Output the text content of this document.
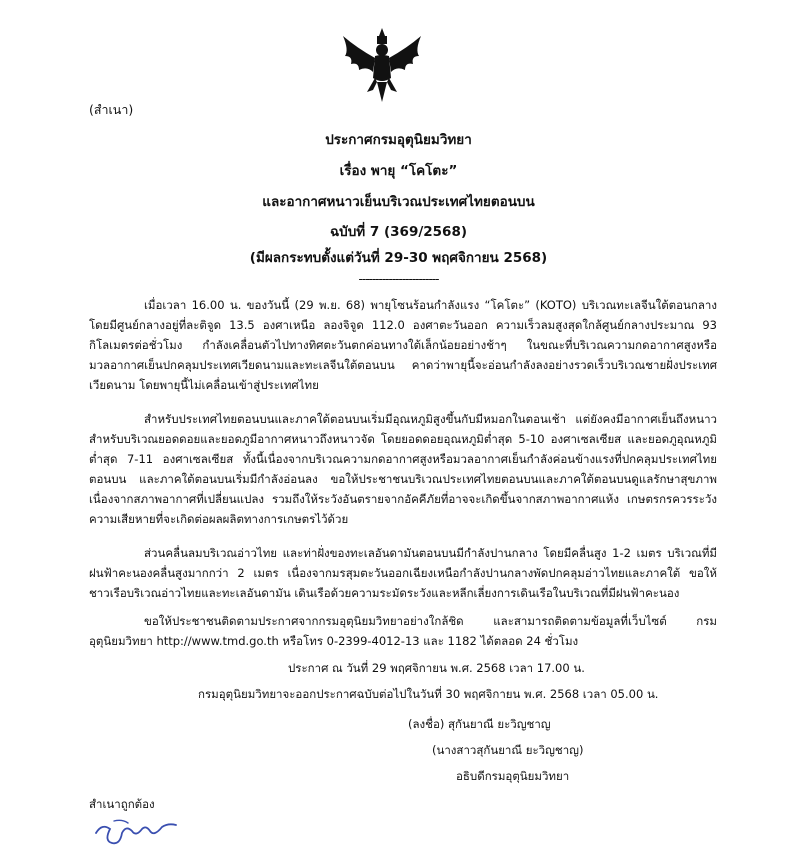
(สำเนา)
ประกาศกรมอุตุนิยมวิทยา
เรื่อง พายุ “โคโตะ”
และอากาศหนาวเย็นบริเวณประเทศไทยตอนบน
ฉบับที่ 7 (369/2568)
(มีผลกระทบตั้งแต่วันที่ 29-30 พฤศจิกายน 2568)
------------------------
เมื่อเวลา 16.00 น. ของวันนี้ (29 พ.ย. 68) พายุโซนร้อนกำลังแรง “โคโตะ” (KOTO) บริเวณทะเลจีนใต้ตอนกลาง โดยมีศูนย์กลางอยู่ที่ละติจูด 13.5 องศาเหนือ ลองจิจูด 112.0 องศาตะวันออก ความเร็วลมสูงสุดใกล้ศูนย์กลางประมาณ 93 กิโลเมตรต่อชั่วโมง กำลังเคลื่อนตัวไปทางทิศตะวันตกค่อนทางใต้เล็กน้อยอย่างช้าๆ ในขณะที่บริเวณความกดอากาศสูงหรือมวลอากาศเย็นปกคลุมประเทศเวียดนามและทะเลจีนใต้ตอนบน คาดว่าพายุนี้จะอ่อนกำลังลงอย่างรวดเร็วบริเวณชายฝั่งประเทศเวียดนาม โดยพายุนี้ไม่เคลื่อนเข้าสู่ประเทศไทย
สำหรับประเทศไทยตอนบนและภาคใต้ตอนบนเริ่มมีอุณหภูมิสูงขึ้นกับมีหมอกในตอนเช้า แต่ยังคงมีอากาศเย็นถึงหนาวสำหรับบริเวณยอดดอยและยอดภูมีอากาศหนาวถึงหนาวจัด โดยยอดดอยอุณหภูมิต่ำสุด 5-10 องศาเซลเซียส และยอดภูอุณหภูมิต่ำสุด 7-11 องศาเซลเซียส ทั้งนี้เนื่องจากบริเวณความกดอากาศสูงหรือมวลอากาศเย็นกำลังค่อนข้างแรงที่ปกคลุมประเทศไทยตอนบน และภาคใต้ตอนบนเริ่มมีกำลังอ่อนลง ขอให้ประชาชนบริเวณประเทศไทยตอนบนและภาคใต้ตอนบนดูแลรักษาสุขภาพเนื่องจากสภาพอากาศที่เปลี่ยนแปลง รวมถึงให้ระวังอันตรายจากอัคคีภัยที่อาจจะเกิดขึ้นจากสภาพอากาศแห้ง เกษตรกรควรระวังความเสียหายที่จะเกิดต่อผลผลิตทางการเกษตรไว้ด้วย
ส่วนคลื่นลมบริเวณอ่าวไทย และท่าฝั่งของทะเลอันดามันตอนบนมีกำลังปานกลาง โดยมีคลื่นสูง 1-2 เมตร บริเวณที่มีฝนฟ้าคะนองคลื่นสูงมากกว่า 2 เมตร เนื่องจากมรสุมตะวันออกเฉียงเหนือกำลังปานกลางพัดปกคลุมอ่าวไทยและภาคใต้ ขอให้ชาวเรือบริเวณอ่าวไทยและทะเลอันดามัน เดินเรือด้วยความระมัดระวังและหลีกเลี่ยงการเดินเรือในบริเวณที่มีฝนฟ้าคะนอง
ขอให้ประชาชนติดตามประกาศจากกรมอุตุนิยมวิทยาอย่างใกล้ชิด และสามารถติดตามข้อมูลที่เว็บไซต์ กรมอุตุนิยมวิทยา http://www.tmd.go.th หรือโทร 0-2399-4012-13 และ 1182 ได้ตลอด 24 ชั่วโมง
ประกาศ ณ วันที่ 29 พฤศจิกายน พ.ศ. 2568 เวลา 17.00 น.
กรมอุตุนิยมวิทยาจะออกประกาศฉบับต่อไปในวันที่ 30 พฤศจิกายน พ.ศ. 2568 เวลา 05.00 น.
(ลงชื่อ) สุกันยาณี ยะวิญชาญ
(นางสาวสุกันยาณี ยะวิญชาญ)
อธิบดีกรมอุตุนิยมวิทยา
สำเนาถูกต้อง
